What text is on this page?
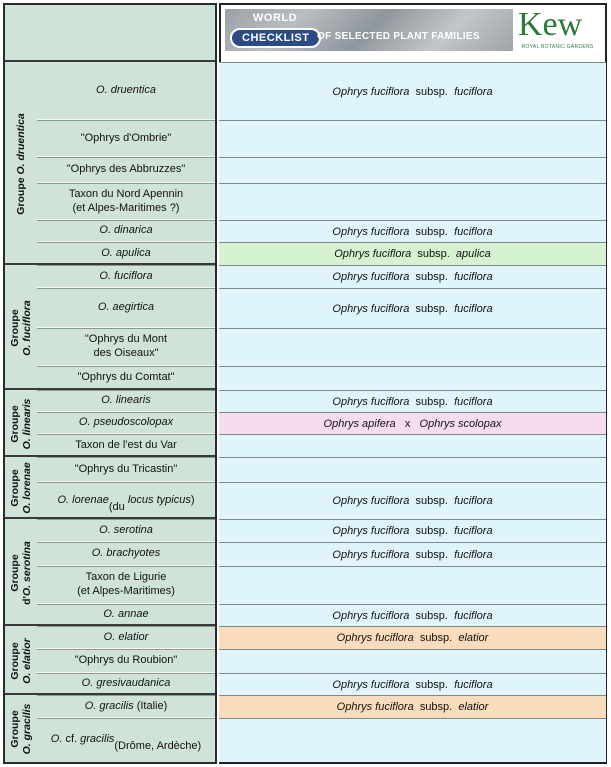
O. druentica
"Ophrys d'Ombrie"
"Ophrys des Abbruzzes"
Taxon du Nord Apennin
(et Alpes-Maritimes ?)
O. dinarica
O. apulica
O. fuciflora
O. aegirtica
"Ophrys du Mont
des Oiseaux"
"Ophrys du Comtat"
O. linearis
O. pseudoscolopax
Taxon de l'est du Var
"Ophrys du Tricastin"
O. lorenae

(du
locus typicus )
O. serotina
O. brachyotes
Taxon de Ligurie
(et Alpes-Maritimes)
O. annae
O. elatior
"Ophrys du Roubion"
O. gresivaudanica
O. gracilis (Italie)
O. cf. gracilis

(Drôme, Ardèche)
Groupe O. druentica
Groupe
O. fuciflora
Groupe
O. linearis
Groupe
O. lorenae
Groupe
d'O. serotina
Groupe
O. elatior
Groupe
O. gracilis
WORLD
CHECKLIST OF SELECTED PLANT FAMILIES Kew
ROYAL BOTANIC GARDENS
Ophrys fuciflora subsp. fuciflora
Ophrys fuciflora subsp. fuciflora
Ophrys fuciflora subsp. apulica
Ophrys fuciflora subsp. fuciflora
Ophrys fuciflora subsp. fuciflora
Ophrys fuciflora subsp. fuciflora
Ophrys apifera x Ophrys scolopax
Ophrys fuciflora subsp. fuciflora
Ophrys fuciflora subsp. fuciflora
Ophrys fuciflora subsp. fuciflora
Ophrys fuciflora subsp. fuciflora
Ophrys fuciflora subsp. elatior
Ophrys fuciflora subsp. fuciflora
Ophrys fuciflora subsp. elatior
